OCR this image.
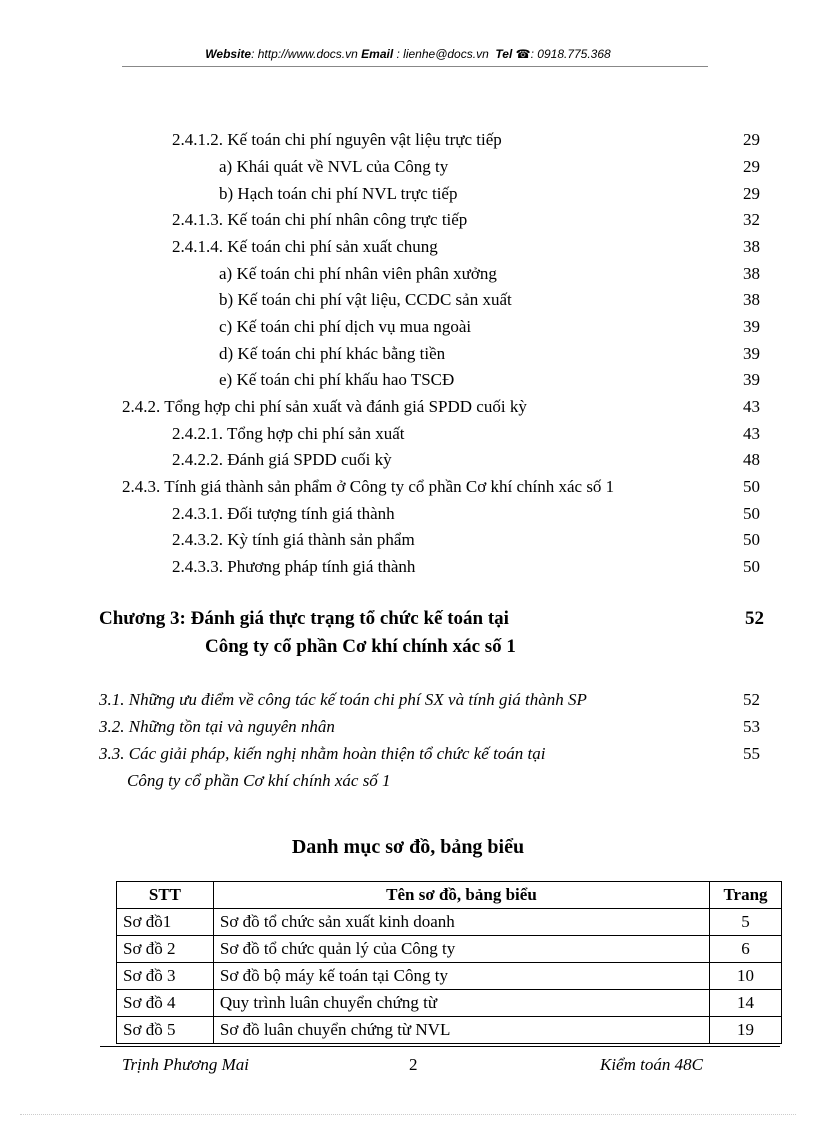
Website: http://www.docs.vn Email : lienhe@docs.vn Tel ☎: 0918.775.368
2.4.1.2. Kế toán chi phí nguyên vật liệu trực tiếp	29
a) Khái quát về NVL của Công ty	29
b) Hạch toán chi phí NVL trực tiếp	29
2.4.1.3. Kế toán chi phí nhân công trực tiếp	32
2.4.1.4. Kế toán chi phí sản xuất chung	38
a) Kế toán chi phí nhân viên phân xưởng	38
b) Kế toán chi phí vật liệu, CCDC sản xuất	38
c) Kế toán chi phí dịch vụ mua ngoài	39
d) Kế toán chi phí khác bằng tiền	39
e) Kế toán chi phí khấu hao TSCĐ	39
2.4.2. Tổng hợp chi phí sản xuất và đánh giá SPDD cuối kỳ	43
2.4.2.1. Tổng hợp chi phí sản xuất	43
2.4.2.2. Đánh giá SPDD cuối kỳ	48
2.4.3. Tính giá thành sản phẩm ở Công ty cổ phần Cơ khí chính xác số 1	50
2.4.3.1. Đối tượng tính giá thành	50
2.4.3.2. Kỳ tính giá thành sản phẩm	50
2.4.3.3. Phương pháp tính giá thành	50
Chương 3: Đánh giá thực trạng tổ chức kế toán tại	52
Công ty cổ phần Cơ khí chính xác số 1
3.1. Những ưu điểm về công tác kế toán chi phí SX và tính giá thành SP	52
3.2. Những tồn tại và nguyên nhân	53
3.3. Các giải pháp, kiến nghị nhằm hoàn thiện tổ chức kế toán tại	55
Công ty cổ phần Cơ khí chính xác số 1
Danh mục sơ đồ, bảng biểu
STT	Tên sơ đồ, bảng biểu	Trang
Sơ đồ1	Sơ đồ tổ chức sản xuất kinh doanh	5
Sơ đồ 2	Sơ đồ tổ chức quản lý của Công ty	6
Sơ đồ 3	Sơ đồ bộ máy kế toán tại Công ty	10
Sơ đồ 4	Quy trình luân chuyển chứng từ	14
Sơ đồ 5	Sơ đồ luân chuyển chứng từ NVL	19
Trịnh Phương Mai	2	Kiểm toán 48C
